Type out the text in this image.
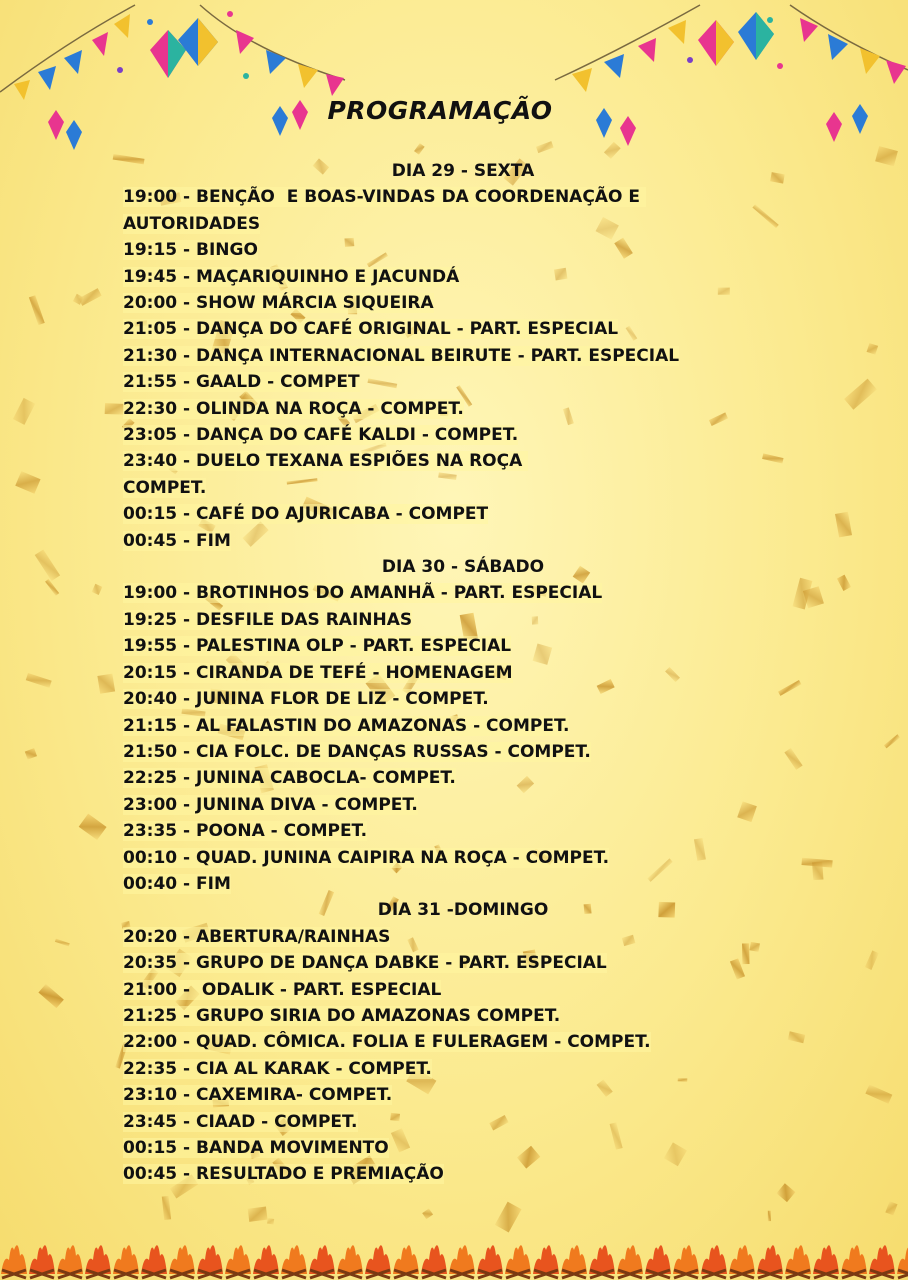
PROGRAMAÇÃO
DIA 29 - SEXTA
19:00 - BENÇÃO  E BOAS-VINDAS DA COORDENAÇÃO E AUTORIDADES
19:15 - BINGO
19:45 - MAÇARIQUINHO E JACUNDÁ
20:00 - SHOW MÁRCIA SIQUEIRA
21:05 - DANÇA DO CAFÉ ORIGINAL - PART. ESPECIAL
21:30 - DANÇA INTERNACIONAL BEIRUTE - PART. ESPECIAL
21:55 - GAALD - COMPET
22:30 - OLINDA NA ROÇA - COMPET.
23:05 - DANÇA DO CAFÉ KALDI - COMPET.
23:40 - DUELO TEXANA ESPIÕES NA ROÇA COMPET.
00:15 - CAFÉ DO AJURICABA - COMPET
00:45 - FIM
DIA 30 - SÁBADO
19:00 - BROTINHOS DO AMANHÃ - PART. ESPECIAL
19:25 - DESFILE DAS RAINHAS
19:55 - PALESTINA OLP - PART. ESPECIAL
20:15 - CIRANDA DE TEFÉ - HOMENAGEM
20:40 - JUNINA FLOR DE LIZ - COMPET.
21:15 - AL FALASTIN DO AMAZONAS - COMPET.
21:50 - CIA FOLC. DE DANÇAS RUSSAS - COMPET.
22:25 - JUNINA CABOCLA- COMPET.
23:00 - JUNINA DIVA - COMPET.
23:35 - POONA - COMPET.
00:10 - QUAD. JUNINA CAIPIRA NA ROÇA - COMPET.
00:40 - FIM
DIA 31 -DOMINGO
20:20 - ABERTURA/RAINHAS
20:35 - GRUPO DE DANÇA DABKE - PART. ESPECIAL
21:00 -  ODALIK - PART. ESPECIAL
21:25 - GRUPO SIRIA DO AMAZONAS COMPET.
22:00 - QUAD. CÔMICA. FOLIA E FULERAGEM - COMPET.
22:35 - CIA AL KARAK - COMPET.
23:10 - CAXEMIRA- COMPET.
23:45 - CIAAD - COMPET.
00:15 - BANDA MOVIMENTO
00:45 - RESULTADO E PREMIAÇÃO
